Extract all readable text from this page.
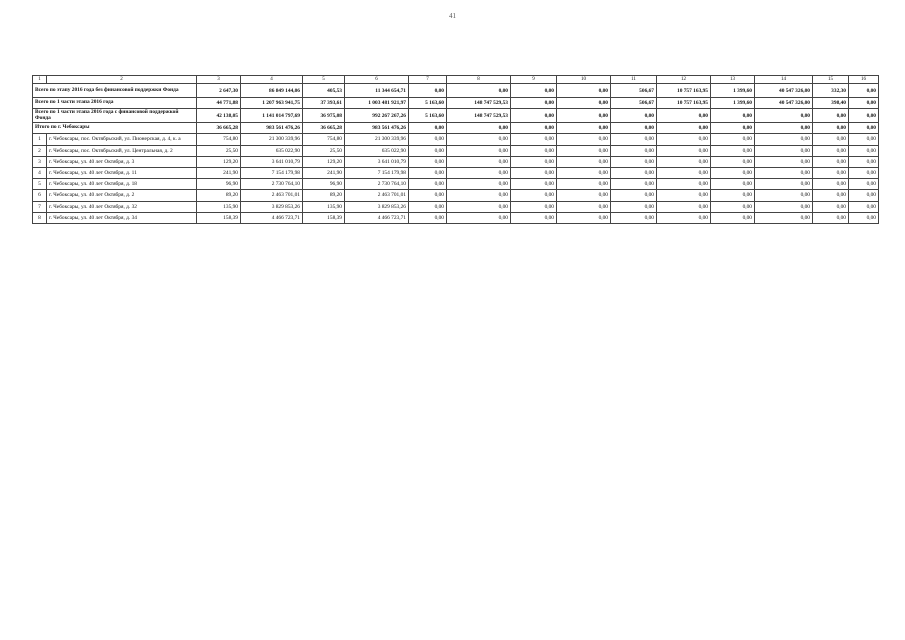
41
1	2	3	4	5	6	7	8	9	10	11	12	13	14	15	16
Всего по этапу 2016 года без финансовой поддержки Фонда		2 647,30	86 849 144,06	405,53	11 344 654,71	0,00	0,00	0,00	0,00	506,67	10 757 163,95	1 399,60	40 547 326,00	332,30	0,00
Всего по 1 части этапа 2016 года		44 771,88	1 207 963 941,75	37 393,61	1 003 481 921,97	5 163,60	148 747 529,53	0,00	0,00	506,67	10 757 163,95	1 399,60	40 547 326,00	398,40	0,00
Всего по 1 части этапа 2016 года с финансовой поддержкой Фонда		42 138,05	1 141 014 797,69	36 975,08	992 267 267,26	5 163,60	148 747 529,53	0,00	0,00	0,00	0,00	0,00	0,00	0,00	0,00
Итого по г. Чебоксары		36 665,28	983 561 476,26	36 665,28	983 561 476,26	0,00	0,00	0,00	0,00	0,00	0,00	0,00	0,00	0,00	0,00
1	г. Чебоксары, пос. Октябрьский, ул. Пионерская, д. 4, к. а	754,80	21 300 339,96	754,80	21 300 339,96	0,00	0,00	0,00	0,00	0,00	0,00	0,00	0,00	0,00	0,00
2	г. Чебоксары, пос. Октябрьский, ул. Центральная, д. 2	25,50	635 022,90	25,50	635 022,90	0,00	0,00	0,00	0,00	0,00	0,00	0,00	0,00	0,00	0,00
3	г. Чебоксары, ул. 40 лет Октября, д. 3	129,20	3 641 010,79	129,20	3 641 010,79	0,00	0,00	0,00	0,00	0,00	0,00	0,00	0,00	0,00	0,00
4	г. Чебоксары, ул. 40 лет Октября, д. 11	241,90	7 154 179,98	241,90	7 154 179,98	0,00	0,00	0,00	0,00	0,00	0,00	0,00	0,00	0,00	0,00
5	г. Чебоксары, ул. 40 лет Октября, д. 18	96,90	2 730 764,10	96,90	2 730 764,10	0,00	0,00	0,00	0,00	0,00	0,00	0,00	0,00	0,00	0,00
6	г. Чебоксары, ул. 40 лет Октября, д. 2	89,20	2 463 701,01	89,20	2 463 701,01	0,00	0,00	0,00	0,00	0,00	0,00	0,00	0,00	0,00	0,00
7	г. Чебоксары, ул. 40 лет Октября, д. 32	135,90	3 829 853,26	135,90	3 829 853,26	0,00	0,00	0,00	0,00	0,00	0,00	0,00	0,00	0,00	0,00
8	г. Чебоксары, ул. 40 лет Октября, д. 34	158,39	4 466 723,71	158,39	4 466 723,71	0,00	0,00	0,00	0,00	0,00	0,00	0,00	0,00	0,00	0,00
